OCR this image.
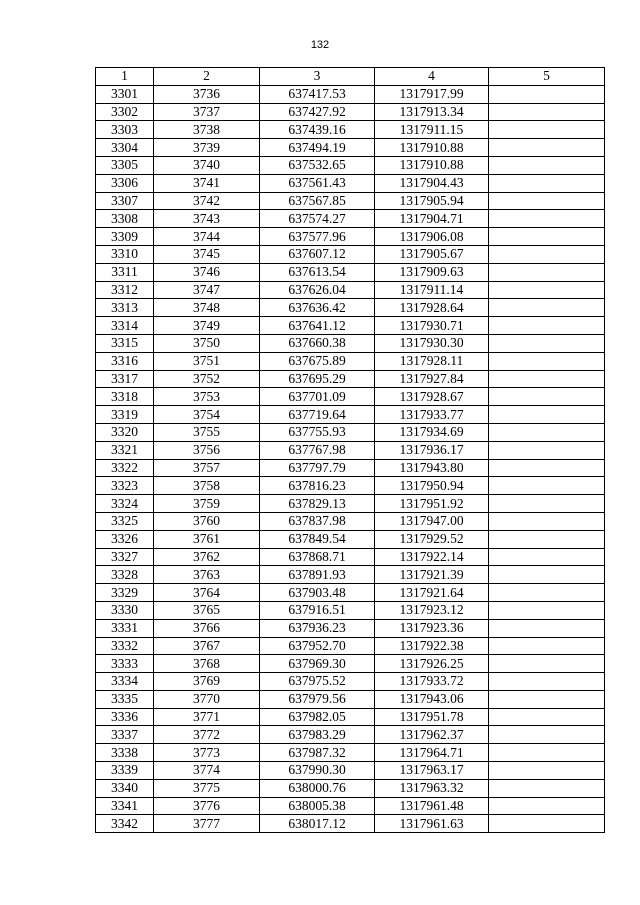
132
1	2	3	4	5
3301	3736	637417.53	1317917.99	
3302	3737	637427.92	1317913.34	
3303	3738	637439.16	1317911.15	
3304	3739	637494.19	1317910.88	
3305	3740	637532.65	1317910.88	
3306	3741	637561.43	1317904.43	
3307	3742	637567.85	1317905.94	
3308	3743	637574.27	1317904.71	
3309	3744	637577.96	1317906.08	
3310	3745	637607.12	1317905.67	
3311	3746	637613.54	1317909.63	
3312	3747	637626.04	1317911.14	
3313	3748	637636.42	1317928.64	
3314	3749	637641.12	1317930.71	
3315	3750	637660.38	1317930.30	
3316	3751	637675.89	1317928.11	
3317	3752	637695.29	1317927.84	
3318	3753	637701.09	1317928.67	
3319	3754	637719.64	1317933.77	
3320	3755	637755.93	1317934.69	
3321	3756	637767.98	1317936.17	
3322	3757	637797.79	1317943.80	
3323	3758	637816.23	1317950.94	
3324	3759	637829.13	1317951.92	
3325	3760	637837.98	1317947.00	
3326	3761	637849.54	1317929.52	
3327	3762	637868.71	1317922.14	
3328	3763	637891.93	1317921.39	
3329	3764	637903.48	1317921.64	
3330	3765	637916.51	1317923.12	
3331	3766	637936.23	1317923.36	
3332	3767	637952.70	1317922.38	
3333	3768	637969.30	1317926.25	
3334	3769	637975.52	1317933.72	
3335	3770	637979.56	1317943.06	
3336	3771	637982.05	1317951.78	
3337	3772	637983.29	1317962.37	
3338	3773	637987.32	1317964.71	
3339	3774	637990.30	1317963.17	
3340	3775	638000.76	1317963.32	
3341	3776	638005.38	1317961.48	
3342	3777	638017.12	1317961.63	
